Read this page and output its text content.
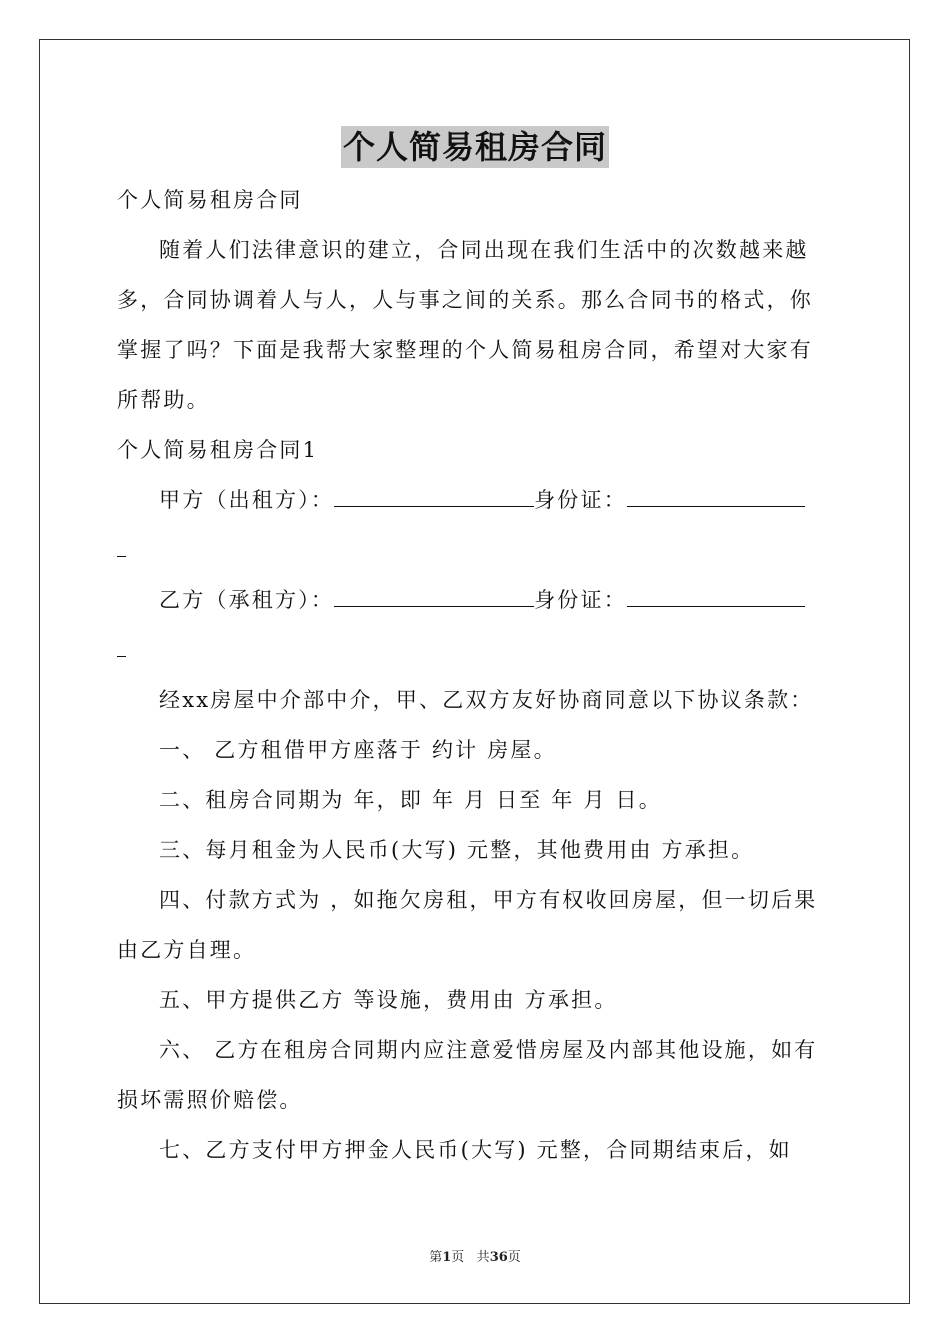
个人简易租房合同

个人简易租房合同

随着人们法律意识的建立，合同出现在我们生活中的次数越来越多，合同协调着人与人，人与事之间的关系。那么合同书的格式，你掌握了吗？下面是我帮大家整理的个人简易租房合同，希望对大家有所帮助。

个人简易租房合同1

甲方（出租方）：	身份证：

乙方（承租方）：	身份证：

经xx房屋中介部中介，甲、乙双方友好协商同意以下协议条款：

一、 乙方租借甲方座落于 约计 房屋。

二、租房合同期为 年，即 年 月 日至 年 月 日。

三、每月租金为人民币(大写) 元整，其他费用由 方承担。

四、付款方式为 ，如拖欠房租，甲方有权收回房屋，但一切后果由乙方自理。

五、甲方提供乙方 等设施，费用由 方承担。

六、 乙方在租房合同期内应注意爱惜房屋及内部其他设施，如有损坏需照价赔偿。

七、乙方支付甲方押金人民币(大写) 元整，合同期结束后，如

第1页 共36页
